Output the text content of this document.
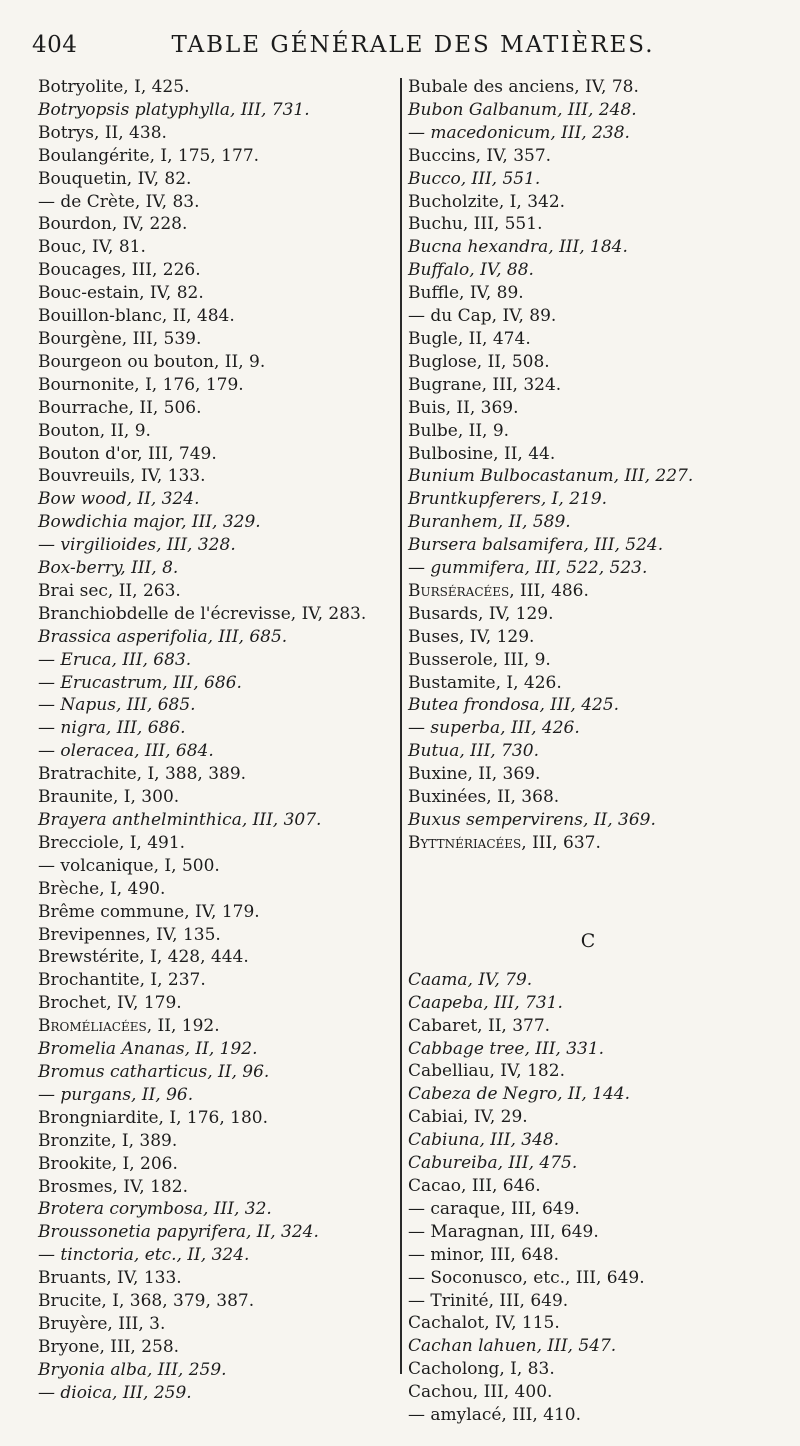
404	TABLE GÉNÉRALE DES MATIÈRES.
Botryolite, I, 425.
Botryopsis platyphylla, III, 731.
Botrys, II, 438.
Boulangérite, I, 175, 177.
Bouquetin, IV, 82.
— de Crète, IV, 83.
Bourdon, IV, 228.
Bouc, IV, 81.
Boucages, III, 226.
Bouc-estain, IV, 82.
Bouillon-blanc, II, 484.
Bourgène, III, 539.
Bourgeon ou bouton, II, 9.
Bournonite, I, 176, 179.
Bourrache, II, 506.
Bouton, II, 9.
Bouton d'or, III, 749.
Bouvreuils, IV, 133.
Bow wood, II, 324.
Bowdichia major, III, 329.
— virgilioides, III, 328.
Box-berry, III, 8.
Brai sec, II, 263.
Branchiobdelle de l'écrevisse, IV, 283.
Brassica asperifolia, III, 685.
— Eruca, III, 683.
— Erucastrum, III, 686.
— Napus, III, 685.
— nigra, III, 686.
— oleracea, III, 684.
Bratrachite, I, 388, 389.
Braunite, I, 300.
Brayera anthelminthica, III, 307.
Brecciole, I, 491.
— volcanique, I, 500.
Brèche, I, 490.
Brême commune, IV, 179.
Brevipennes, IV, 135.
Brewstérite, I, 428, 444.
Brochantite, I, 237.
Brochet, IV, 179.
Broméliacées, II, 192.
Bromelia Ananas, II, 192.
Bromus catharticus, II, 96.
— purgans, II, 96.
Brongniardite, I, 176, 180.
Bronzite, I, 389.
Brookite, I, 206.
Brosmes, IV, 182.
Brotera corymbosa, III, 32.
Broussonetia papyrifera, II, 324.
— tinctoria, etc., II, 324.
Bruants, IV, 133.
Brucite, I, 368, 379, 387.
Bruyère, III, 3.
Bryone, III, 258.
Bryonia alba, III, 259.
— dioica, III, 259.
Bubale des anciens, IV, 78.
Bubon Galbanum, III, 248.
— macedonicum, III, 238.
Buccins, IV, 357.
Bucco, III, 551.
Bucholzite, I, 342.
Buchu, III, 551.
Bucna hexandra, III, 184.
Buffalo, IV, 88.
Buffle, IV, 89.
— du Cap, IV, 89.
Bugle, II, 474.
Buglose, II, 508.
Bugrane, III, 324.
Buis, II, 369.
Bulbe, II, 9.
Bulbosine, II, 44.
Bunium Bulbocastanum, III, 227.
Bruntkupferers, I, 219.
Buranhem, II, 589.
Bursera balsamifera, III, 524.
— gummifera, III, 522, 523.
Burséracées, III, 486.
Busards, IV, 129.
Buses, IV, 129.
Busserole, III, 9.
Bustamite, I, 426.
Butea frondosa, III, 425.
— superba, III, 426.
Butua, III, 730.
Buxine, II, 369.
Buxinées, II, 368.
Buxus sempervirens, II, 369.
Byttnériacées, III, 637.
C
Caama, IV, 79.
Caapeba, III, 731.
Cabaret, II, 377.
Cabbage tree, III, 331.
Cabelliau, IV, 182.
Cabeza de Negro, II, 144.
Cabiai, IV, 29.
Cabiuna, III, 348.
Cabureiba, III, 475.
Cacao, III, 646.
— caraque, III, 649.
— Maragnan, III, 649.
— minor, III, 648.
— Soconusco, etc., III, 649.
— Trinité, III, 649.
Cachalot, IV, 115.
Cachan lahuen, III, 547.
Cacholong, I, 83.
Cachou, III, 400.
— amylacé, III, 410.
